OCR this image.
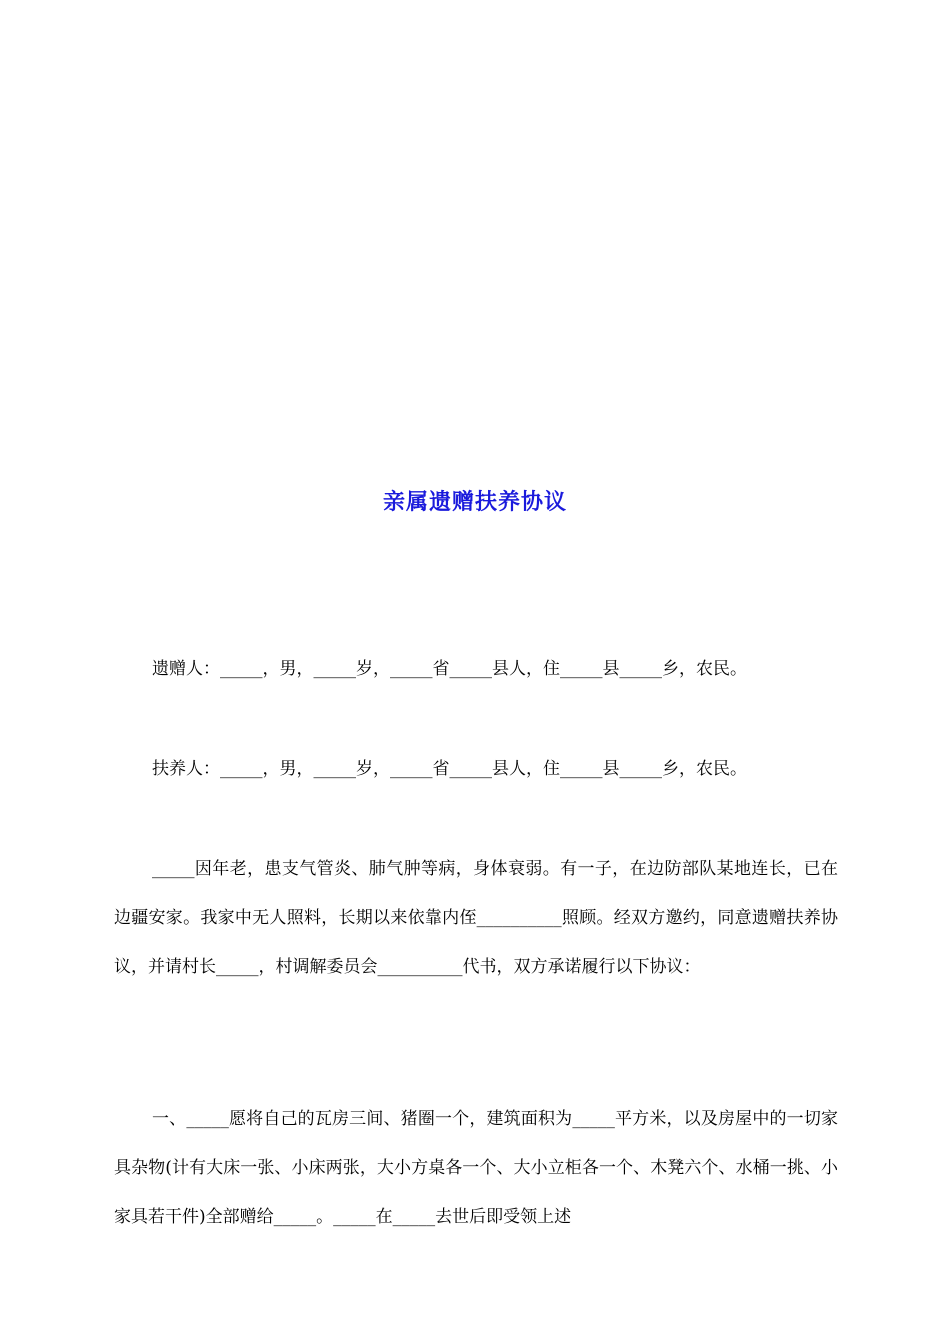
亲属遗赠扶养协议

遗赠人：_____，男，_____岁，_____省_____县人，住_____县_____乡，农民。

扶养人：_____，男，_____岁，_____省_____县人，住_____县_____乡，农民。

_____因年老，患支气管炎、肺气肿等病，身体衰弱。有一子，在边防部队某地连长，已在边疆安家。我家中无人照料，长期以来依靠内侄__________照顾。经双方邀约，同意遗赠扶养协议，并请村长_____，村调解委员会__________代书，双方承诺履行以下协议：

一、_____愿将自己的瓦房三间、猪圈一个，建筑面积为_____平方米，以及房屋中的一切家具杂物(计有大床一张、小床两张，大小方桌各一个、大小立柜各一个、木凳六个、水桶一挑、小家具若干件)全部赠给_____。_____在_____去世后即受领上述
